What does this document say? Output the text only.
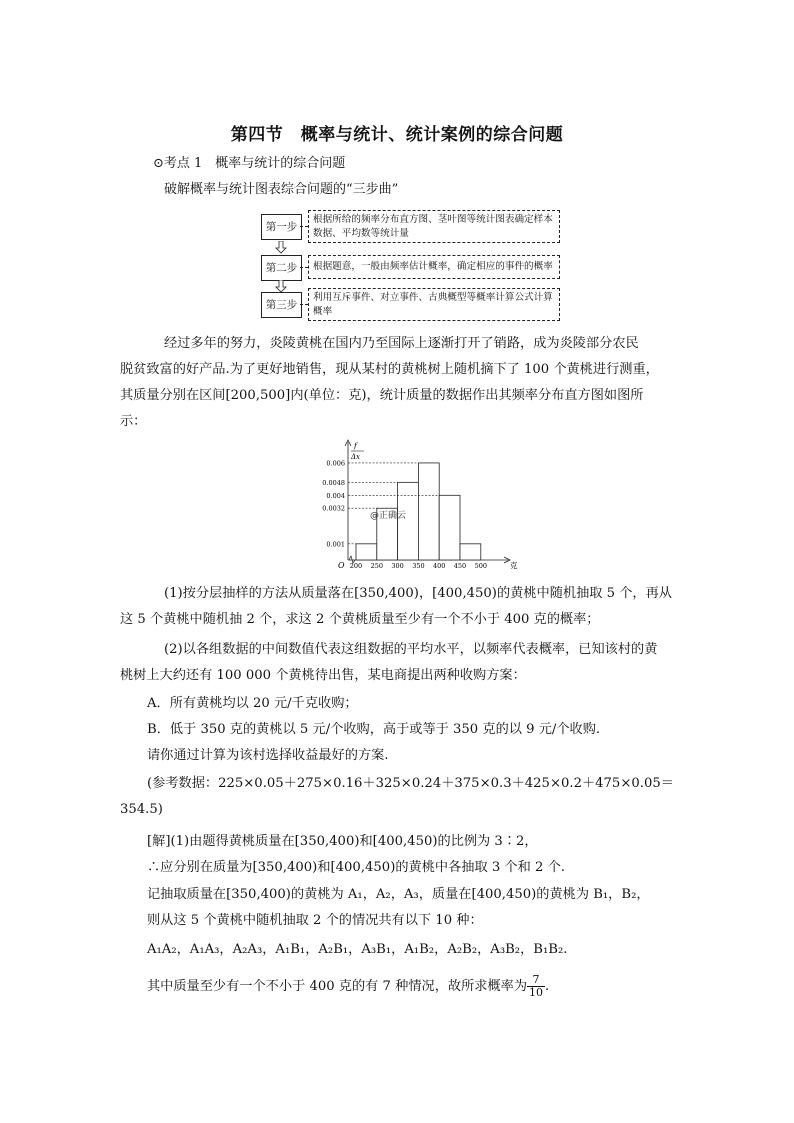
第四节　概率与统计、统计案例的综合问题
⊙考点 1　概率与统计的综合问题
破解概率与统计图表综合问题的“三步曲”
第一步
根据所给的频率分布直方图、茎叶图等统计图表确定样本数据、平均数等统计量
第二步	根据题意，一般由频率估计概率，确定相应的事件的概率
第三步
利用互斥事件、对立事件、古典概型等概率计算公式计算概率
经过多年的努力，炎陵黄桃在国内乃至国际上逐渐打开了销路，成为炎陵部分农民
脱贫致富的好产品.为了更好地销售，现从某村的黄桃树上随机摘下了 100 个黄桃进行测重，
其质量分别在区间[200,500]内(单位：克)，统计质量的数据作出其频率分布直方图如图所
示：
O	克
f
Δx
0.006
0.0048
0.004
0.0032
0.001
200 250 300 350 400 450 500
@正确云
(1)按分层抽样的方法从质量落在[350,400)，[400,450)的黄桃中随机抽取 5 个，再从
这 5 个黄桃中随机抽 2 个，求这 2 个黄桃质量至少有一个不小于 400 克的概率；
(2)以各组数据的中间数值代表这组数据的平均水平，以频率代表概率，已知该村的黄
桃树上大约还有 100 000 个黄桃待出售，某电商提出两种收购方案：
A．所有黄桃均以 20 元/千克收购；
B．低于 350 克的黄桃以 5 元/个收购，高于或等于 350 克的以 9 元/个收购.
请你通过计算为该村选择收益最好的方案.
(参考数据：225×0.05＋275×0.16＋325×0.24＋375×0.3＋425×0.2＋475×0.05＝
354.5)
[解](1)由题得黄桃质量在[350,400)和[400,450)的比例为 3∶2，
∴应分别在质量为[350,400)和[400,450)的黄桃中各抽取 3 个和 2 个.
记抽取质量在[350,400)的黄桃为 A₁，A₂，A₃，质量在[400,450)的黄桃为 B₁，B₂，
则从这 5 个黄桃中随机抽取 2 个的情况共有以下 10 种：
A₁A₂，A₁A₃，A₂A₃，A₁B₁，A₂B₁，A₃B₁，A₁B₂，A₂B₂，A₃B₂，B₁B₂.
其中质量至少有一个不小于 400 克的有 7 种情况，故所求概率为 $\frac{7}{10}$ .
